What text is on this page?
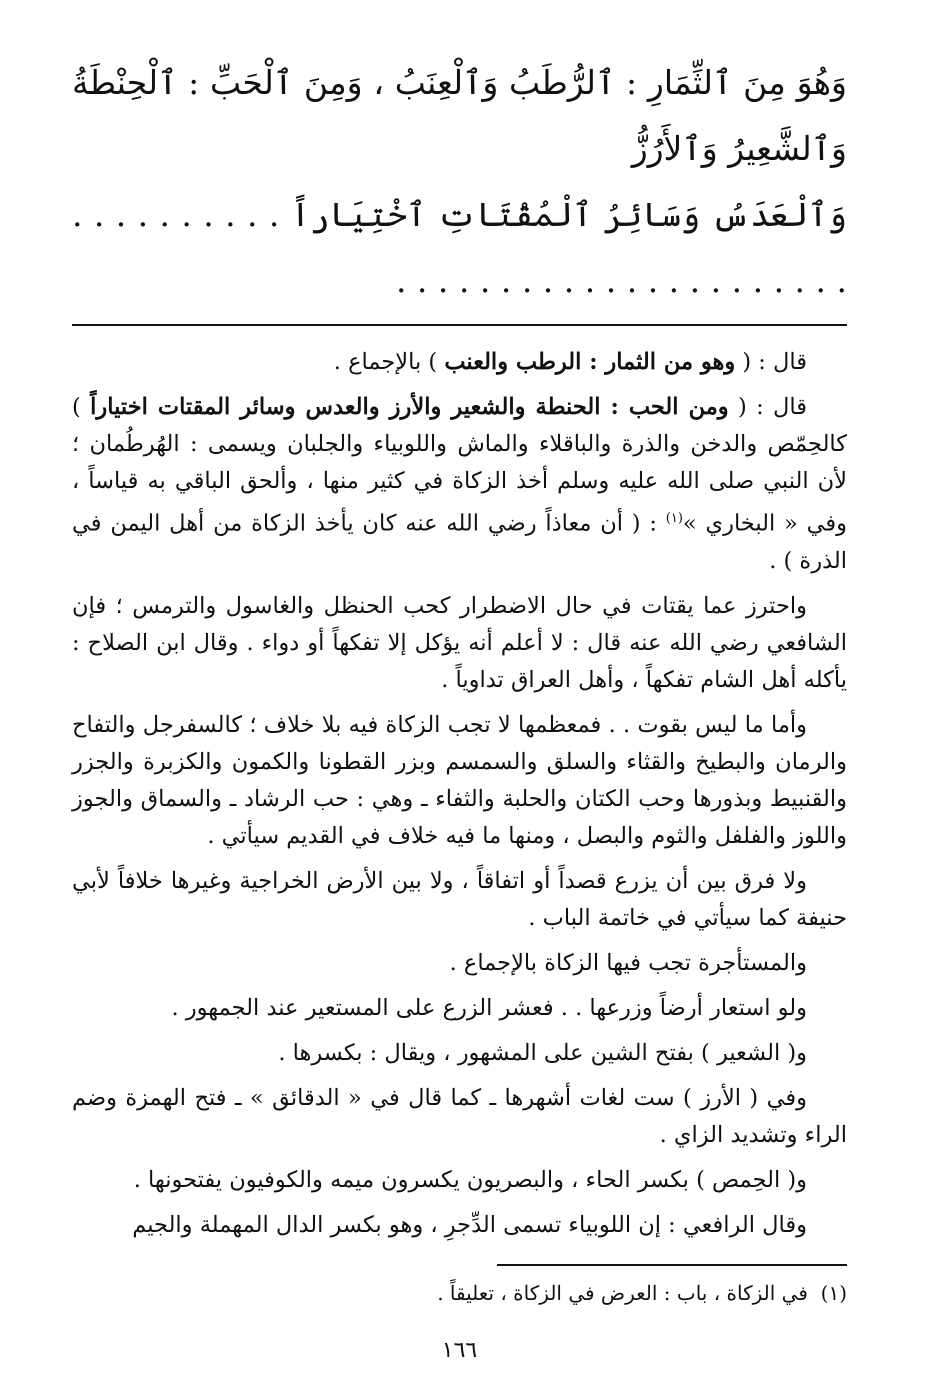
وَهُوَ مِنَ ٱلثِّمَارِ : ٱلرُّطَبُ وَٱلْعِنَبُ ، وَمِنَ ٱلْحَبِّ : ٱلْحِنْطَةُ وَٱلشَّعِيرُ وَٱلأَرُزُّ

وَٱلْعَدَسُ وَسَائِرُ ٱلْمُقْتَاتِ ٱخْتِيَاراً . . . . . . . . . . . . . . . . . . . . . . . . . . . . . . . .

قال : ( وهو من الثمار : الرطب والعنب ) بالإجماع .

قال : ( ومن الحب : الحنطة والشعير والأرز والعدس وسائر المقتات اختياراً ) كالحِمّص والدخن والذرة والباقلاء والماش واللوبياء والجلبان ويسمى : الهُرطُمان ؛ لأن النبي صلى الله عليه وسلم أخذ الزكاة في كثير منها ، وألحق الباقي به قياساً ، وفي « البخاري »$^{(١)}$ : ( أن معاذاً رضي الله عنه كان يأخذ الزكاة من أهل اليمن في الذرة ) .

واحترز عما يقتات في حال الاضطرار كحب الحنظل والغاسول والترمس ؛ فإن الشافعي رضي الله عنه قال : لا أعلم أنه يؤكل إلا تفكهاً أو دواء . وقال ابن الصلاح : يأكله أهل الشام تفكهاً ، وأهل العراق تداوياً .

وأما ما ليس بقوت . . فمعظمها لا تجب الزكاة فيه بلا خلاف ؛ كالسفرجل والتفاح والرمان والبطيخ والقثاء والسلق والسمسم وبزر القطونا والكمون والكزبرة والجزر والقنبيط وبذورها وحب الكتان والحلبة والثفاء ـ وهي : حب الرشاد ـ والسماق والجوز واللوز والفلفل والثوم والبصل ، ومنها ما فيه خلاف في القديم سيأتي .

ولا فرق بين أن يزرع قصداً أو اتفاقاً ، ولا بين الأرض الخراجية وغيرها خلافاً لأبي حنيفة كما سيأتي في خاتمة الباب .

والمستأجرة تجب فيها الزكاة بالإجماع .

ولو استعار أرضاً وزرعها . . فعشر الزرع على المستعير عند الجمهور .

و( الشعير ) بفتح الشين على المشهور ، ويقال : بكسرها .

وفي ( الأرز ) ست لغات أشهرها ـ كما قال في « الدقائق » ـ فتح الهمزة وضم الراء وتشديد الزاي .

و( الحِمص ) بكسر الحاء ، والبصريون يكسرون ميمه والكوفيون يفتحونها .

وقال الرافعي : إن اللوبياء تسمى الدِّجرِ ، وهو بكسر الدال المهملة والجيم

(١)  في الزكاة ، باب : العرض في الزكاة ، تعليقاً .

١٦٦
